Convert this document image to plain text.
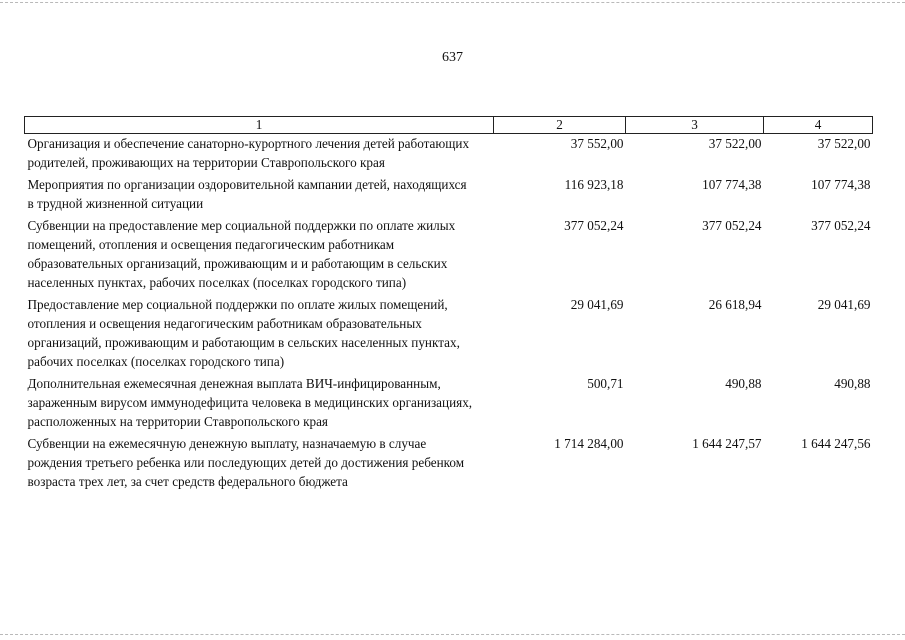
637
1	2	3	4
Организация и обеспечение санаторно-курортного лечения детей работающих родителей, проживающих на территории Ставропольского края	37 552,00	37 522,00	37 522,00
Мероприятия по организации оздоровительной кампании детей, находящихся в трудной жизненной ситуации	116 923,18	107 774,38	107 774,38
Субвенции на предоставление мер социальной поддержки по оплате жилых помещений, отопления и освещения педагогическим работникам образовательных организаций, проживающим и и работающим в сельских населенных пунктах, рабочих поселках (поселках городского типа)	377 052,24	377 052,24	377 052,24
Предоставление мер социальной поддержки по оплате жилых помещений, отопления и освещения недагогическим работникам образовательных организаций, проживающим и работающим в сельских населенных пунктах, рабочих поселках (поселках городского типа)	29 041,69	26 618,94	29 041,69
Дополнительная ежемесячная денежная выплата ВИЧ-инфицированным, зараженным вирусом иммунодефицита человека в медицинских организациях, расположенных на территории Ставропольского края	500,71	490,88	490,88
Субвенции на ежемесячную денежную выплату, назначаемую в случае рождения третьего ребенка или последующих детей до достижения ребенком возраста трех лет, за счет средств федерального бюджета	1 714 284,00	1 644 247,57	1 644 247,56
